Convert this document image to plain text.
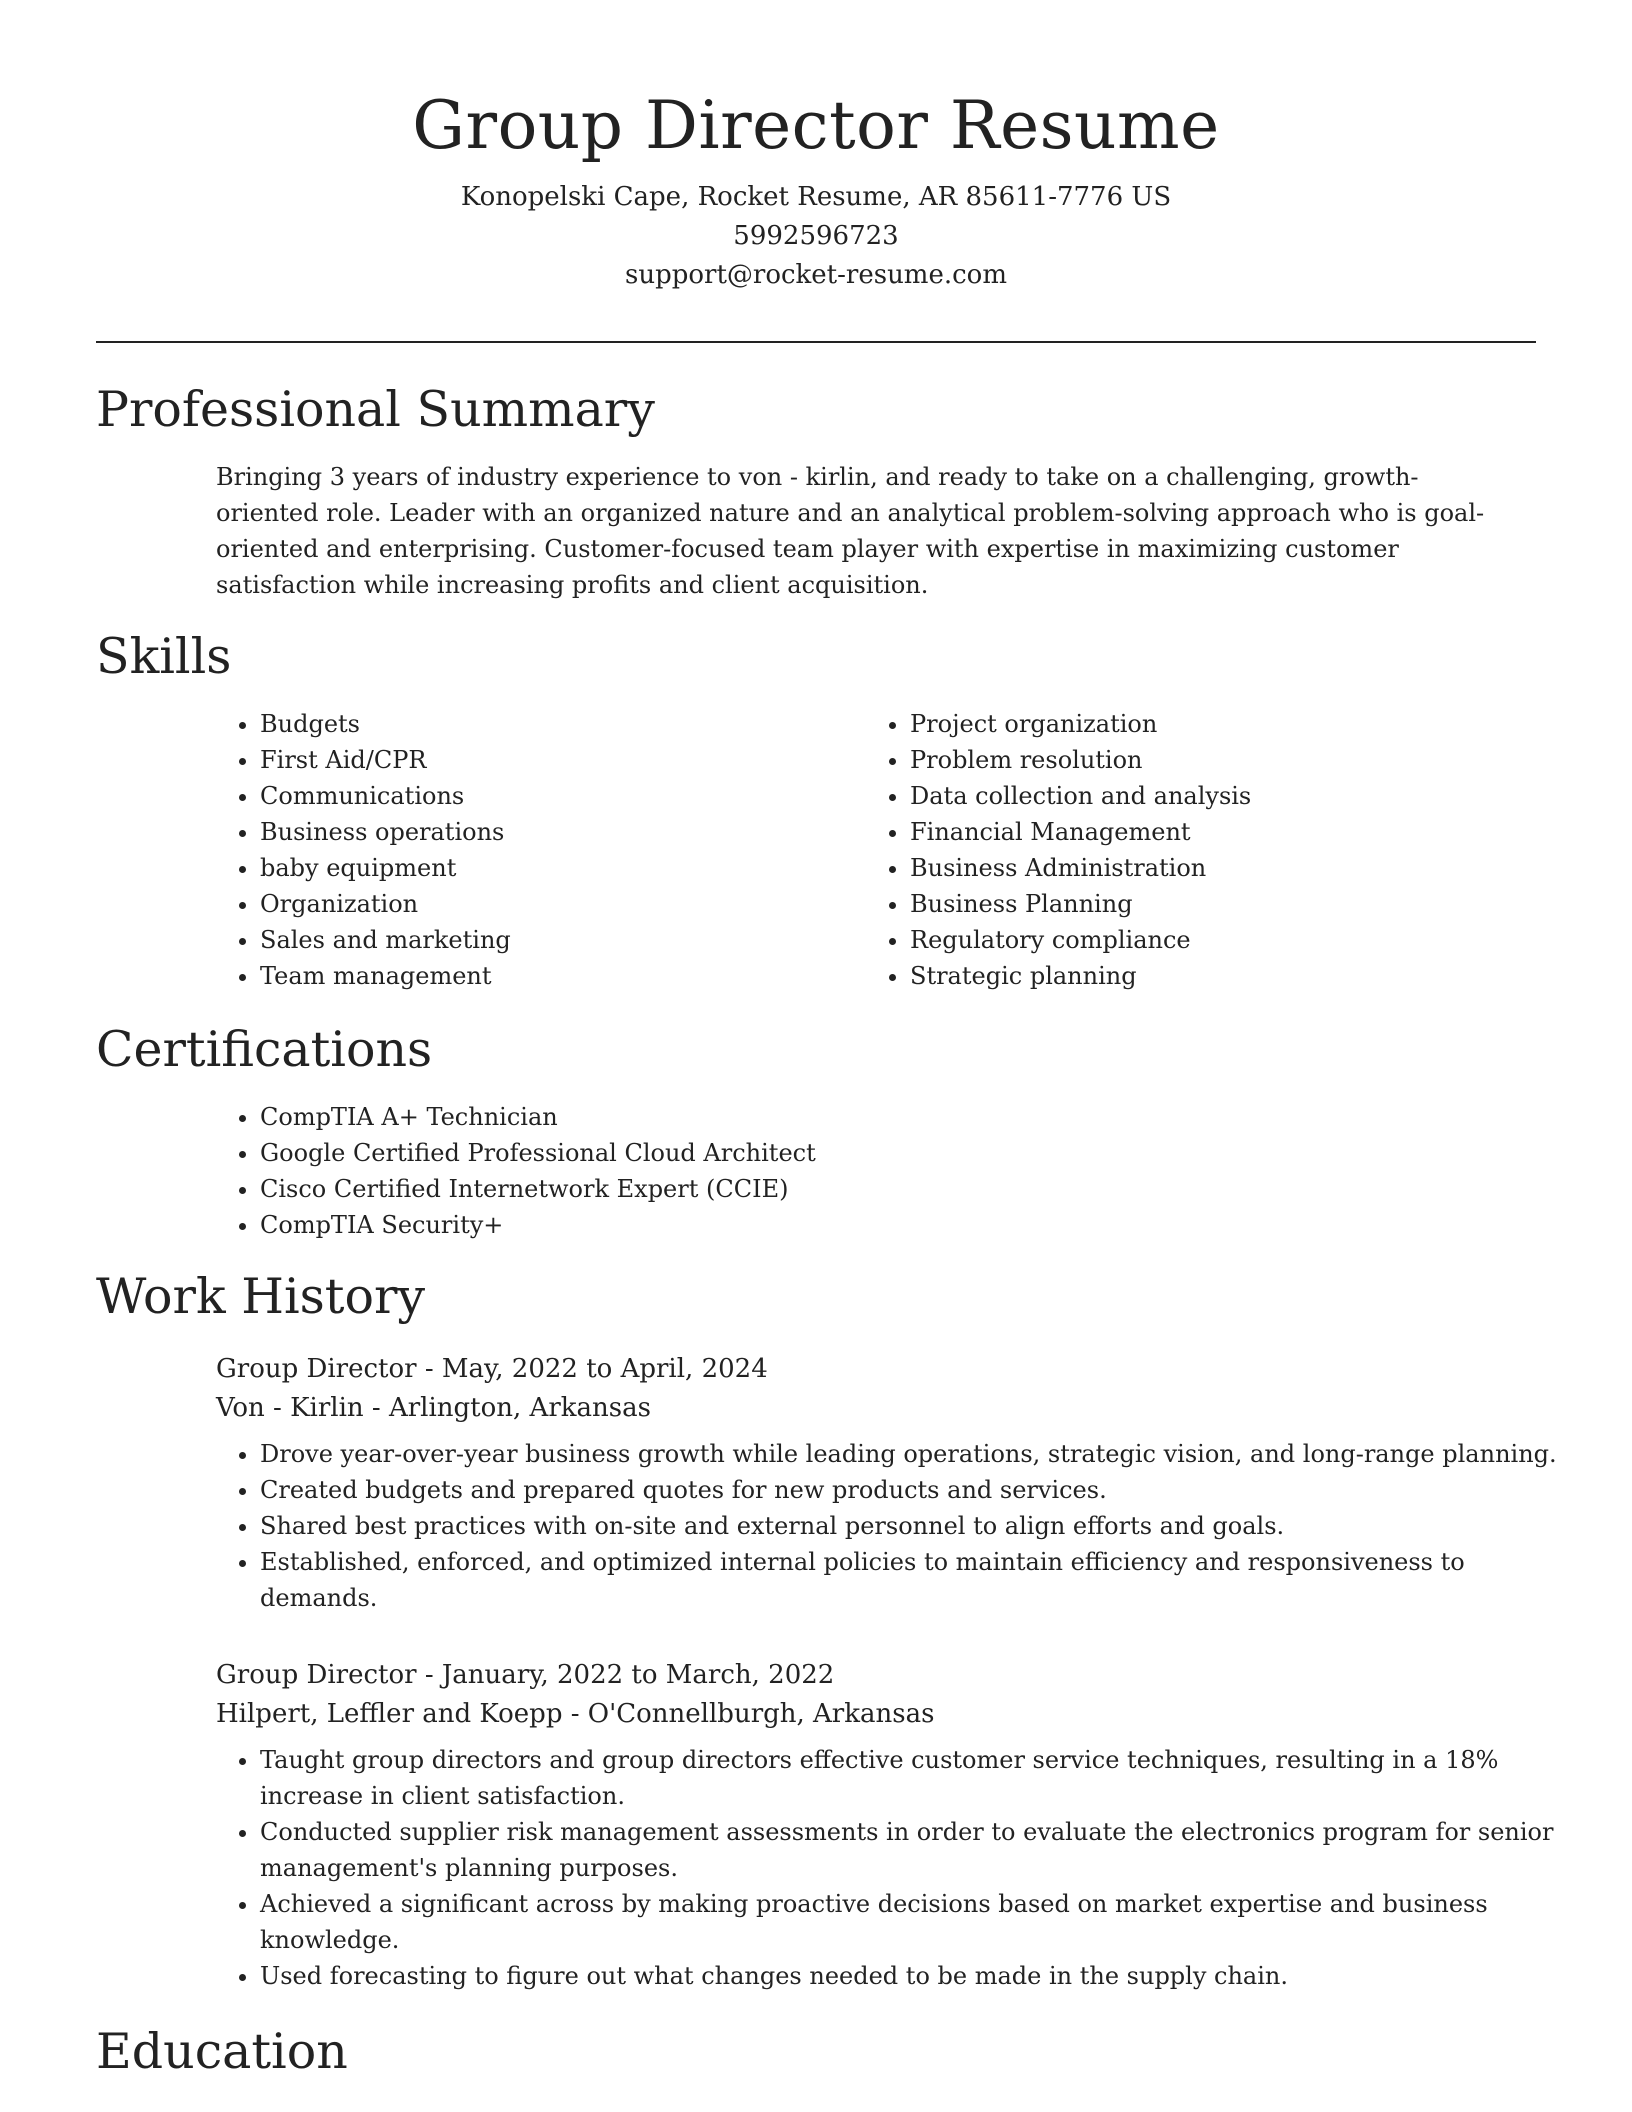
Group Director Resume
Konopelski Cape, Rocket Resume, AR 85611-7776 US
5992596723
support@rocket-resume.com
Professional Summary
Bringing 3 years of industry experience to von - kirlin, and ready to take on a challenging, growth-oriented role. Leader with an organized nature and an analytical problem-solving approach who is goal-oriented and enterprising. Customer-focused team player with expertise in maximizing customer satisfaction while increasing profits and client acquisition.
Skills
• Budgets
• First Aid/CPR
• Communications
• Business operations
• baby equipment
• Organization
• Sales and marketing
• Team management
• Project organization
• Problem resolution
• Data collection and analysis
• Financial Management
• Business Administration
• Business Planning
• Regulatory compliance
• Strategic planning
Certifications
• CompTIA A+ Technician
• Google Certified Professional Cloud Architect
• Cisco Certified Internetwork Expert (CCIE)
• CompTIA Security+
Work History
Group Director - May, 2022 to April, 2024
Von - Kirlin - Arlington, Arkansas
• Drove year-over-year business growth while leading operations, strategic vision, and long-range planning.
• Created budgets and prepared quotes for new products and services.
• Shared best practices with on-site and external personnel to align efforts and goals.
• Established, enforced, and optimized internal policies to maintain efficiency and responsiveness to demands.
Group Director - January, 2022 to March, 2022
Hilpert, Leffler and Koepp - O'Connellburgh, Arkansas
• Taught group directors and group directors effective customer service techniques, resulting in a 18% increase in client satisfaction.
• Conducted supplier risk management assessments in order to evaluate the electronics program for senior management's planning purposes.
• Achieved a significant across by making proactive decisions based on market expertise and business knowledge.
• Used forecasting to figure out what changes needed to be made in the supply chain.
Education
